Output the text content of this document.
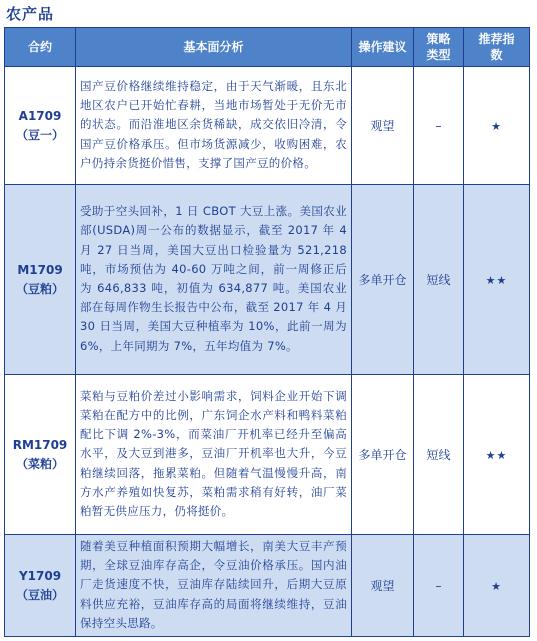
农产品
合约	基本面分析	操作建议	策略类型	推荐指数

A1709
（豆一）	国产豆价格继续维持稳定，由于天气渐暖，且东北地区农户已开始忙春耕，当地市场暂处于无价无市的状态。而沿淮地区余货稀缺，成交依旧冷清，令国产豆价格承压。但市场货源减少，收购困难，农户仍持余货挺价惜售，支撑了国产豆的价格。	观望	–	★

M1709
（豆粕）	受助于空头回补，1 日 CBOT 大豆上涨。美国农业部(USDA)周一公布的数据显示，截至 2017 年 4 月 27 日当周，美国大豆出口检验量为 521,218 吨，市场预估为 40-60 万吨之间，前一周修正后为 646,833 吨，初值为 634,877 吨。美国农业部在每周作物生长报告中公布，截至 2017 年 4 月 30 日当周，美国大豆种植率为 10%，此前一周为 6%，上年同期为 7%，五年均值为 7%。	多单开仓	短线	★★

RM1709
（菜粕）	菜粕与豆粕价差过小影响需求，饲料企业开始下调菜粕在配方中的比例，广东饲企水产料和鸭料菜粕配比下调 2%-3%，而菜油厂开机率已经升至偏高水平，及大豆到港多，豆油厂开机率也大升，今豆粕继续回落，拖累菜粕。但随着气温慢慢升高，南方水产养殖如快复苏，菜粕需求稍有好转，油厂菜粕暂无供应压力，仍将挺价。	多单开仓	短线	★★

Y1709
（豆油）	随着美豆种植面积预期大幅增长，南美大豆丰产预期，全球豆油库存高企，令豆油价格承压。国内油厂走货速度不快，豆油库存陆续回升，后期大豆原料供应充裕，豆油库存高的局面将继续维持，豆油保持空头思路。	观望	–	★
